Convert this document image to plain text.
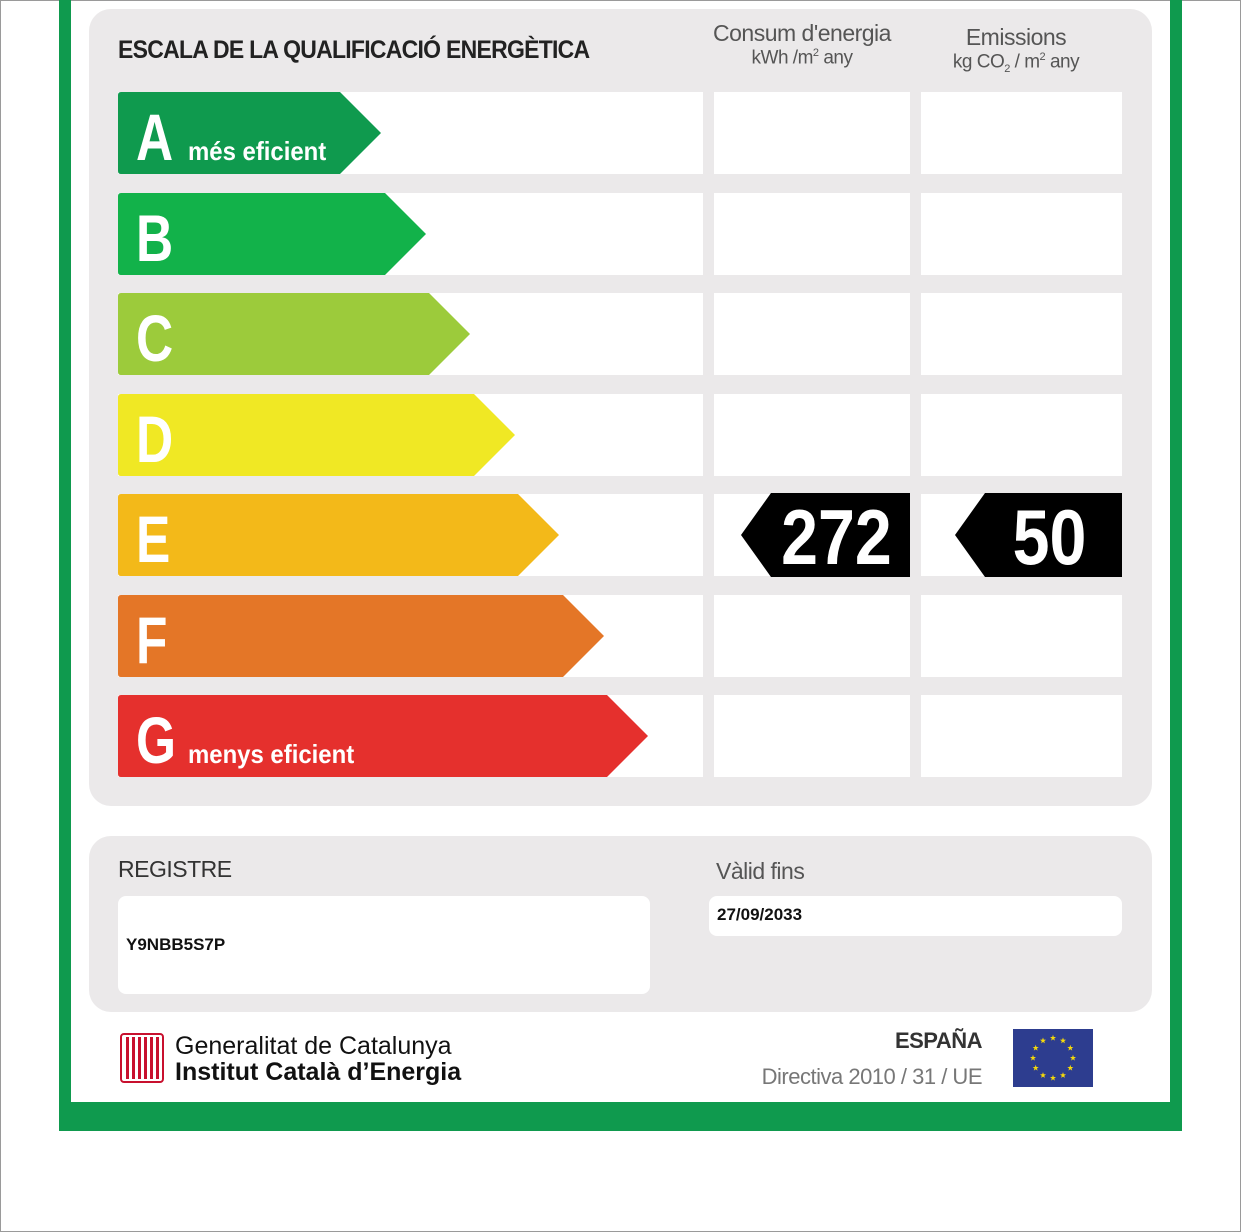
ESCALA DE LA QUALIFICACIÓ ENERGÈTICA
Consum d'energia
kWh $/m^2$ any
Emissions
kg $CO_2 / m^2$ any
A més eficient
B
C
D
E	272 50
F
G menys eficient
REGISTRE
Y9NBB5S7P
Vàlid fins
27/09/2033
Generalitat de Catalunya
Institut Català d’Energia
ESPAÑA
Directiva 2010 / 31 / UE
